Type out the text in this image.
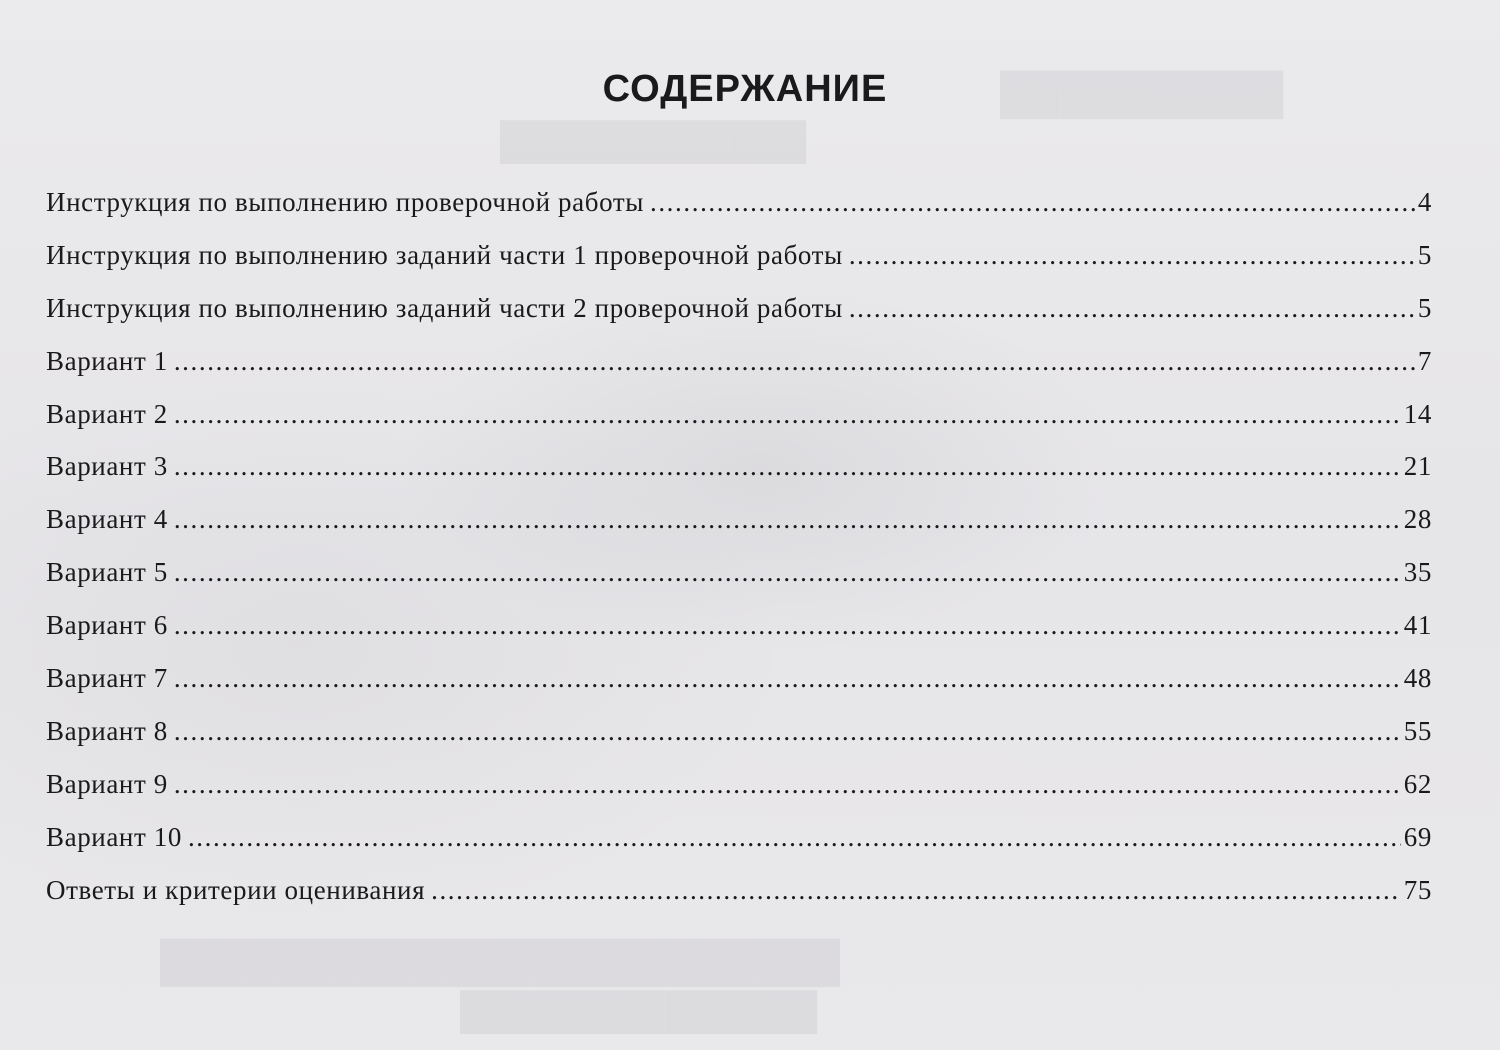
██████████
████████████
████████████████████████
██████████████
СОДЕРЖАНИЕ
Инструкция по выполнению проверочной работы .....	4
Инструкция по выполнению заданий части 1 проверочной работы .....	5
Инструкция по выполнению заданий части 2 проверочной работы .....	5
Вариант 1 .....	7
Вариант 2 .....	14
Вариант 3 .....	21
Вариант 4 .....	28
Вариант 5 .....	35
Вариант 6 .....	41
Вариант 7 .....	48
Вариант 8 .....	55
Вариант 9 .....	62
Вариант 10 .....	69
Ответы и критерии оценивания .....	75
